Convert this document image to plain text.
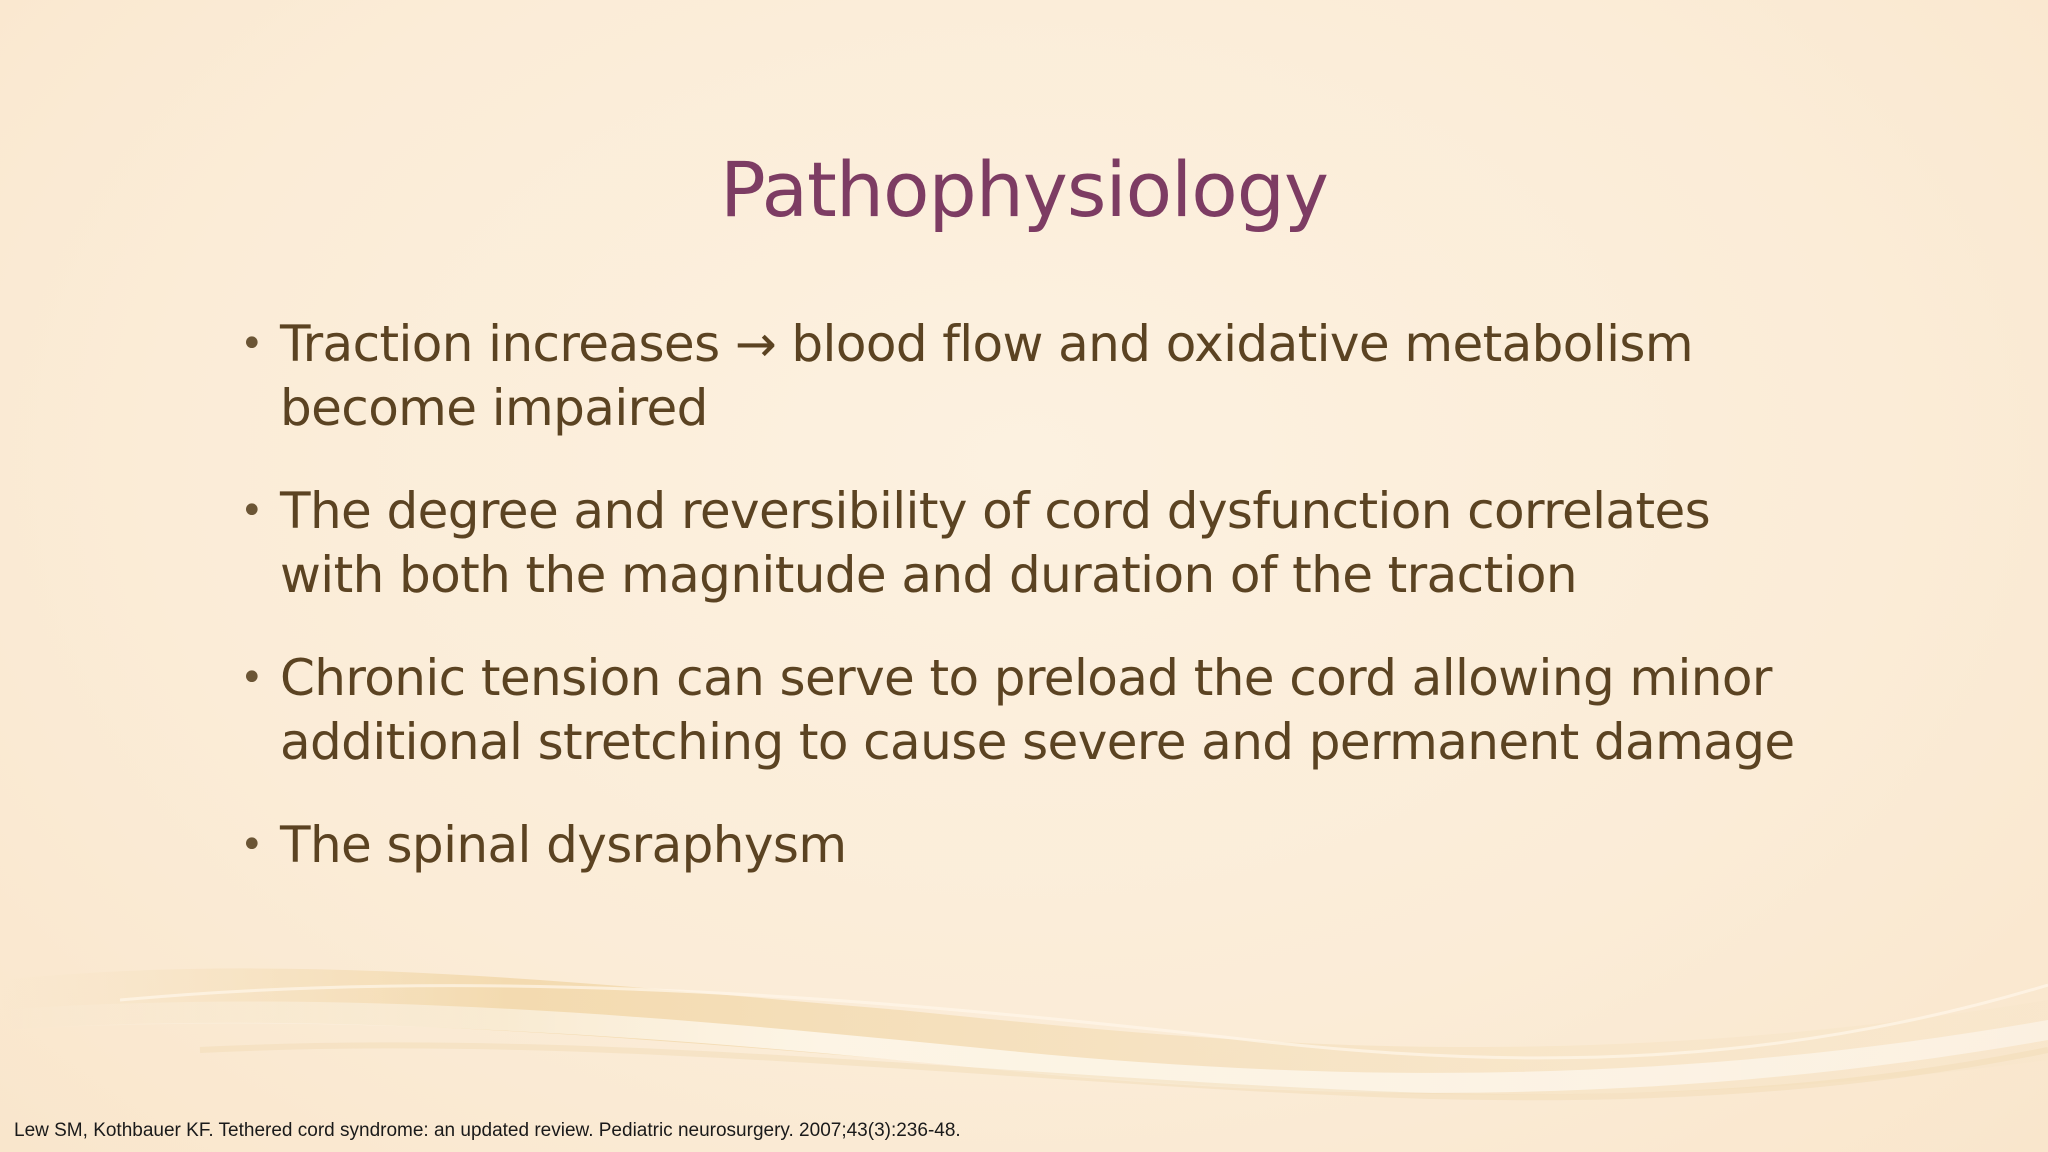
Pathophysiology
• Traction increases → blood flow and oxidative metabolism become impaired
• The degree and reversibility of cord dysfunction correlates with both the magnitude and duration of the traction
• Chronic tension can serve to preload the cord allowing minor additional stretching to cause severe and permanent damage
• The spinal dysraphysm
Lew SM, Kothbauer KF. Tethered cord syndrome: an updated review. Pediatric neurosurgery. 2007;43(3):236-48.
